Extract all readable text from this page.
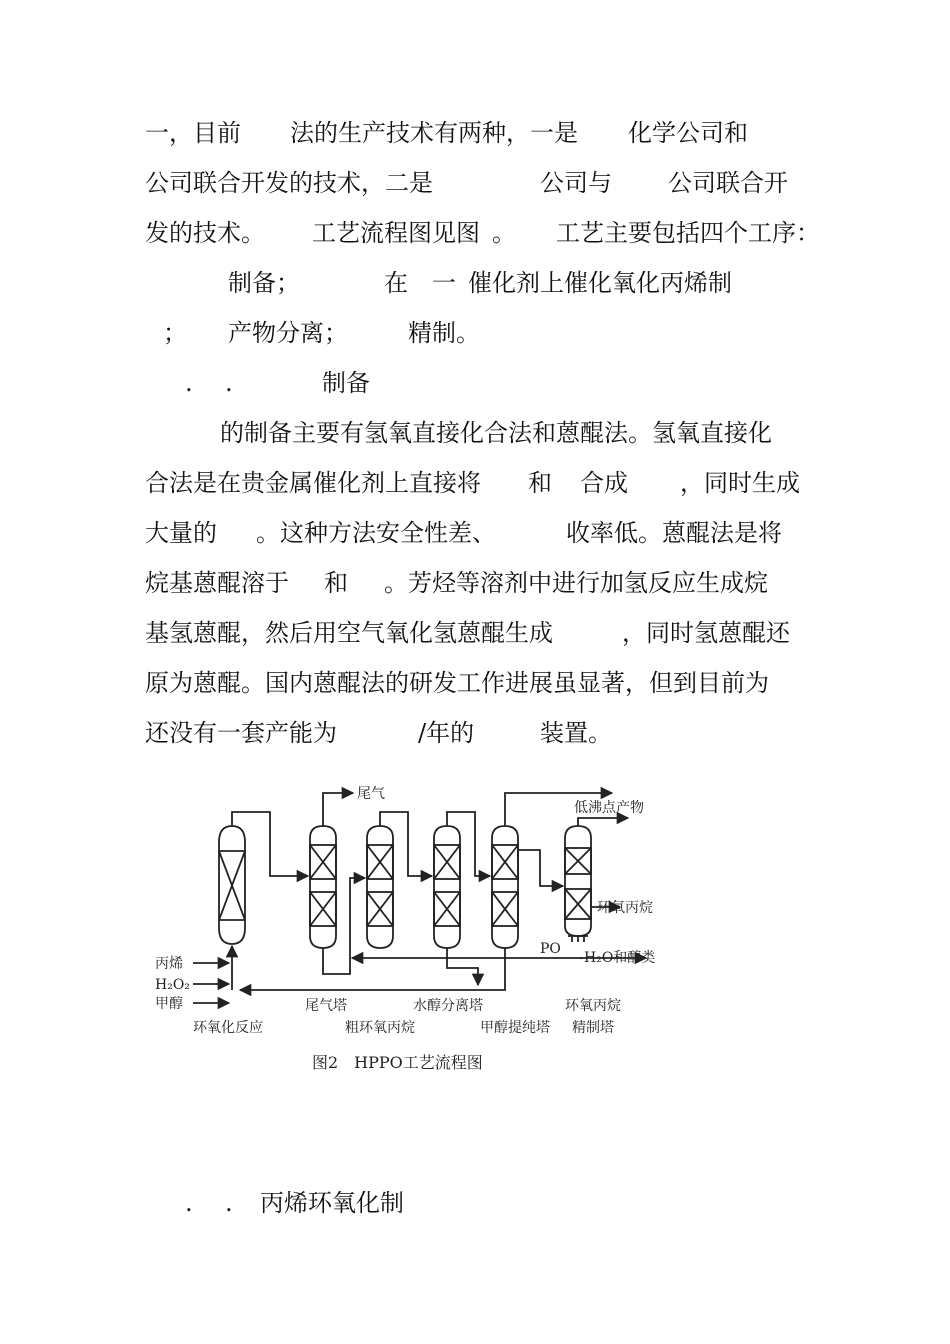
一，目前 法的生产技术有两种，一是 化学公司和
公司联合开发的技术，二是	公司与 公司联合开
发的技术。 工艺流程图见图 。 工艺主要包括四个工序：
制备；	在 一 催化剂上催化氧化丙烯制
； 产物分离；	精制。
. .	制备
的制备主要有氢氧直接化合法和蒽醌法。氢氧直接化
合法是在贵金属催化剂上直接将 和 合成 ，同时生成
大量的 。这种方法安全性差、	收率低。蒽醌法是将
烷基蒽醌溶于 和 。芳烃等溶剂中进行加氢反应生成烷
基氢蒽醌，然后用空气氧化氢蒽醌生成	，同时氢蒽醌还
原为蒽醌。国内蒽醌法的研发工作进展虽显著，但到目前为
还没有一套产能为	/年的	装置。
尾气
低沸点产物
环氧丙烷
PO
H₂O和醇类
丙烯
H₂O₂
甲醇	尾气塔	水醇分离塔	环氧丙烷
环氧化反应	粗环氧丙烷	甲醇提纯塔 精制塔
图2　HPPO工艺流程图
. . 丙烯环氧化制
